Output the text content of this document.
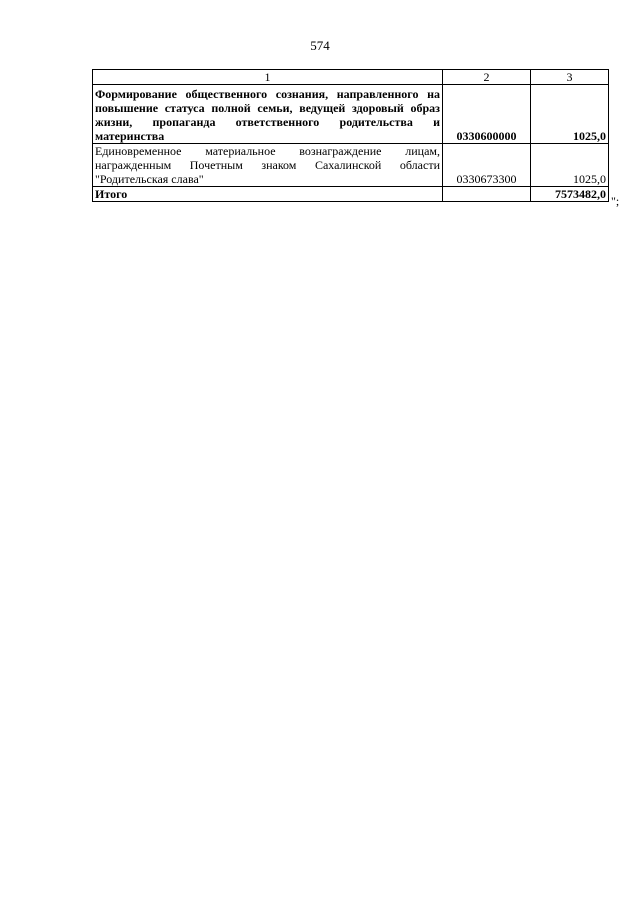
574
1	2	3
Формирование общественного сознания, направленного на повышение статуса полной семьи, ведущей здоровый образ жизни, пропаганда ответственного родительства и материнства	0330600000	1025,0
Единовременное материальное вознаграждение лицам, награжденным Почетным знаком Сахалинской области "Родительская слава"	0330673300	1025,0
Итого		7573482,0 ";
